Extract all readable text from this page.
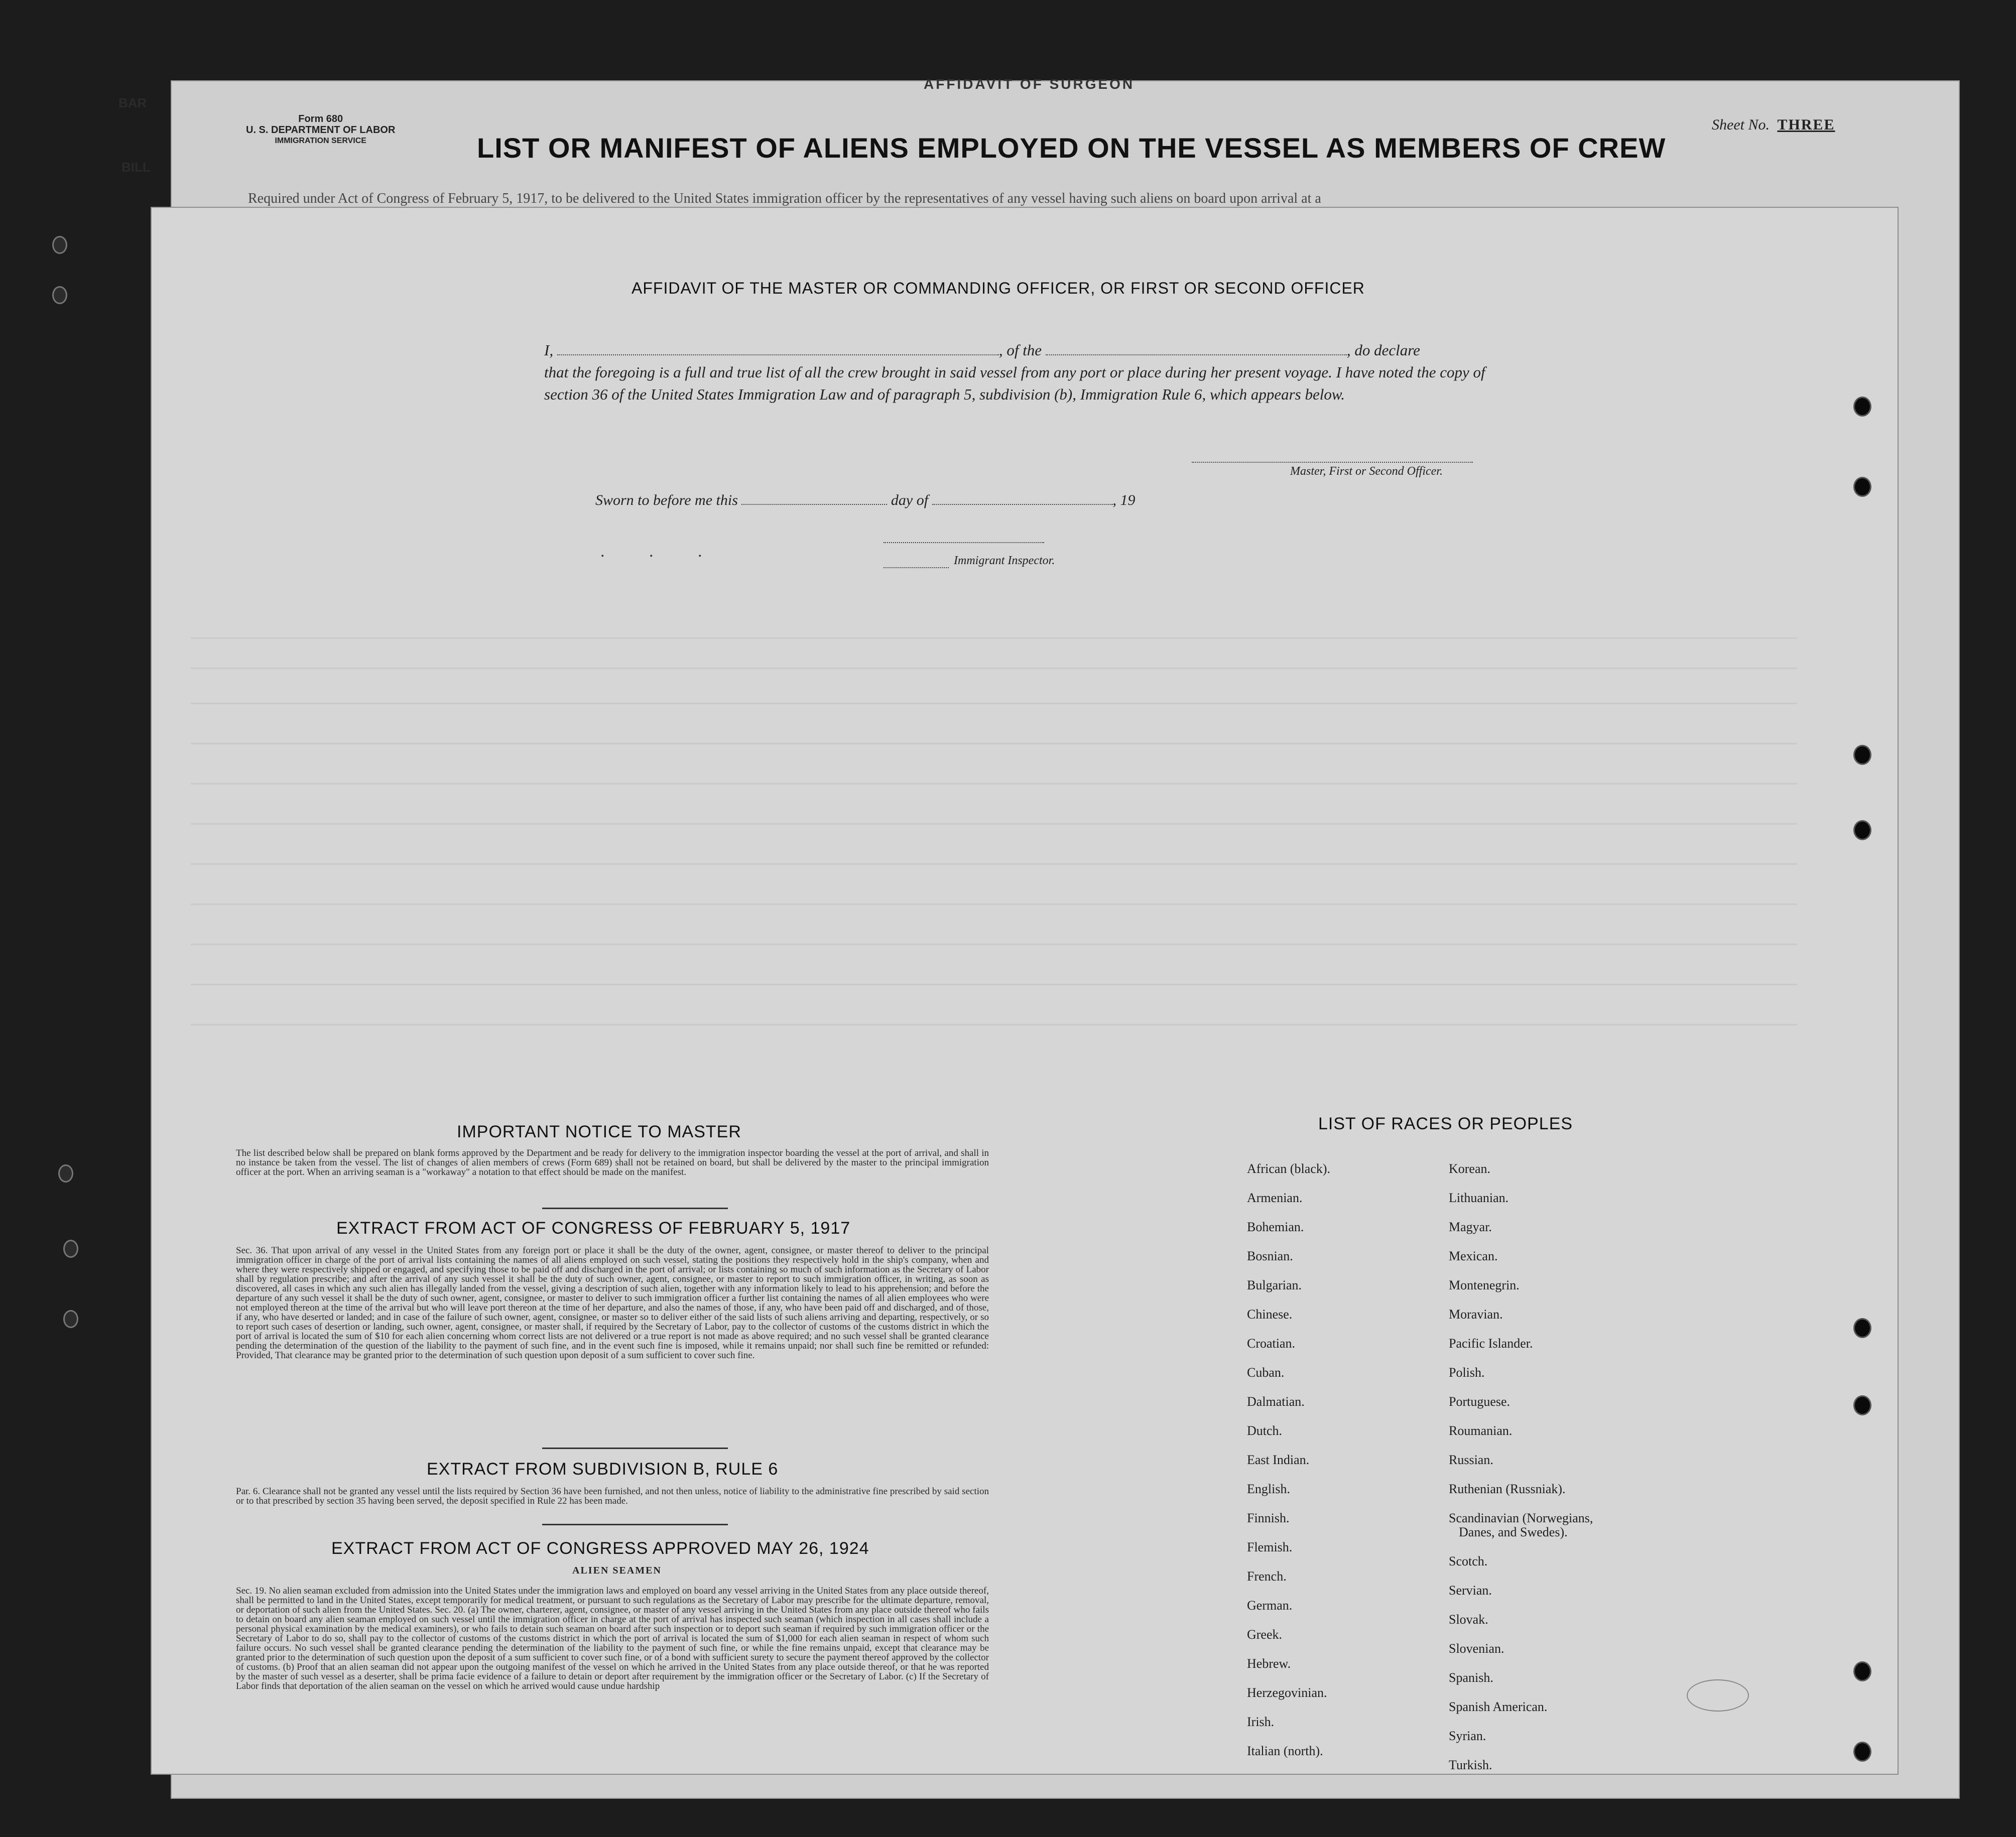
AFFIDAVIT OF SURGEON
Form 680
U. S. DEPARTMENT OF LABOR
IMMIGRATION SERVICE
Sheet No. THREE
LIST OR MANIFEST OF ALIENS EMPLOYED ON THE VESSEL AS MEMBERS OF CREW
Required under Act of Congress of February 5, 1917, to be delivered to the United States immigration officer by the representatives of any vessel having such aliens on board upon arrival at a
BAR
BILL
AFFIDAVIT OF THE MASTER OR COMMANDING OFFICER, OR FIRST OR SECOND OFFICER
I,	, of the	, do declare
that the foregoing is a full and true list of all the crew brought in said vessel from any port or place during her present voyage. I have noted the copy of section 36 of the United States Immigration Law and of paragraph 5, subdivision (b), Immigration Rule 6, which appears below.
Master, First or Second Officer.
Sworn to before me this	day of	, 19
Immigrant Inspector.
. . .
IMPORTANT NOTICE TO MASTER
The list described below shall be prepared on blank forms approved by the Department and be ready for delivery to the immigration inspector boarding the vessel at the port of arrival, and shall in no instance be taken from the vessel. The list of changes of alien members of crews (Form 689) shall not be retained on board, but shall be delivered by the master to the principal immigration officer at the port. When an arriving seaman is a "workaway" a notation to that effect should be made on the manifest.
EXTRACT FROM ACT OF CONGRESS OF FEBRUARY 5, 1917
Sec. 36. That upon arrival of any vessel in the United States from any foreign port or place it shall be the duty of the owner, agent, consignee, or master thereof to deliver to the principal immigration officer in charge of the port of arrival lists containing the names of all aliens employed on such vessel, stating the positions they respectively hold in the ship's company, when and where they were respectively shipped or engaged, and specifying those to be paid off and discharged in the port of arrival; or lists containing so much of such information as the Secretary of Labor shall by regulation prescribe; and after the arrival of any such vessel it shall be the duty of such owner, agent, consignee, or master to report to such immigration officer, in writing, as soon as discovered, all cases in which any such alien has illegally landed from the vessel, giving a description of such alien, together with any information likely to lead to his apprehension; and before the departure of any such vessel it shall be the duty of such owner, agent, consignee, or master to deliver to such immigration officer a further list containing the names of all alien employees who were not employed thereon at the time of the arrival but who will leave port thereon at the time of her departure, and also the names of those, if any, who have been paid off and discharged, and of those, if any, who have deserted or landed; and in case of the failure of such owner, agent, consignee, or master so to deliver either of the said lists of such aliens arriving and departing, respectively, or so to report such cases of desertion or landing, such owner, agent, consignee, or master shall, if required by the Secretary of Labor, pay to the collector of customs of the customs district in which the port of arrival is located the sum of $10 for each alien concerning whom correct lists are not delivered or a true report is not made as above required; and no such vessel shall be granted clearance pending the determination of the question of the liability to the payment of such fine, and in the event such fine is imposed, while it remains unpaid; nor shall such fine be remitted or refunded: Provided, That clearance may be granted prior to the determination of such question upon deposit of a sum sufficient to cover such fine.
EXTRACT FROM SUBDIVISION B, RULE 6
Par. 6. Clearance shall not be granted any vessel until the lists required by Section 36 have been furnished, and not then unless, notice of liability to the administrative fine prescribed by said section or to that prescribed by section 35 having been served, the deposit specified in Rule 22 has been made.
EXTRACT FROM ACT OF CONGRESS APPROVED MAY 26, 1924
ALIEN SEAMEN
Sec. 19. No alien seaman excluded from admission into the United States under the immigration laws and employed on board any vessel arriving in the United States from any place outside thereof, shall be permitted to land in the United States, except temporarily for medical treatment, or pursuant to such regulations as the Secretary of Labor may prescribe for the ultimate departure, removal, or deportation of such alien from the United States. Sec. 20. (a) The owner, charterer, agent, consignee, or master of any vessel arriving in the United States from any place outside thereof who fails to detain on board any alien seaman employed on such vessel until the immigration officer in charge at the port of arrival has inspected such seaman (which inspection in all cases shall include a personal physical examination by the medical examiners), or who fails to detain such seaman on board after such inspection or to deport such seaman if required by such immigration officer or the Secretary of Labor to do so, shall pay to the collector of customs of the customs district in which the port of arrival is located the sum of $1,000 for each alien seaman in respect of whom such failure occurs. No such vessel shall be granted clearance pending the determination of the liability to the payment of such fine, or while the fine remains unpaid, except that clearance may be granted prior to the determination of such question upon the deposit of a sum sufficient to cover such fine, or of a bond with sufficient surety to secure the payment thereof approved by the collector of customs. (b) Proof that an alien seaman did not appear upon the outgoing manifest of the vessel on which he arrived in the United States from any place outside thereof, or that he was reported by the master of such vessel as a deserter, shall be prima facie evidence of a failure to detain or deport after requirement by the immigration officer or the Secretary of Labor. (c) If the Secretary of Labor finds that deportation of the alien seaman on the vessel on which he arrived would cause undue hardship
LIST OF RACES OR PEOPLES
African (black).
Armenian.
Bohemian.
Bosnian.
Bulgarian.
Chinese.
Croatian.
Cuban.
Dalmatian.
Dutch.
East Indian.
English.
Finnish.
Flemish.
French.
German.
Greek.
Hebrew.
Herzegovinian.
Irish.
Italian (north).
Korean.
Lithuanian.
Magyar.
Mexican.
Montenegrin.
Moravian.
Pacific Islander.
Polish.
Portuguese.
Roumanian.
Russian.
Ruthenian (Russniak).
Scandinavian (Norwegians,
Danes, and Swedes).
Scotch.
Servian.
Slovak.
Slovenian.
Spanish.
Spanish American.
Syrian.
Turkish.
